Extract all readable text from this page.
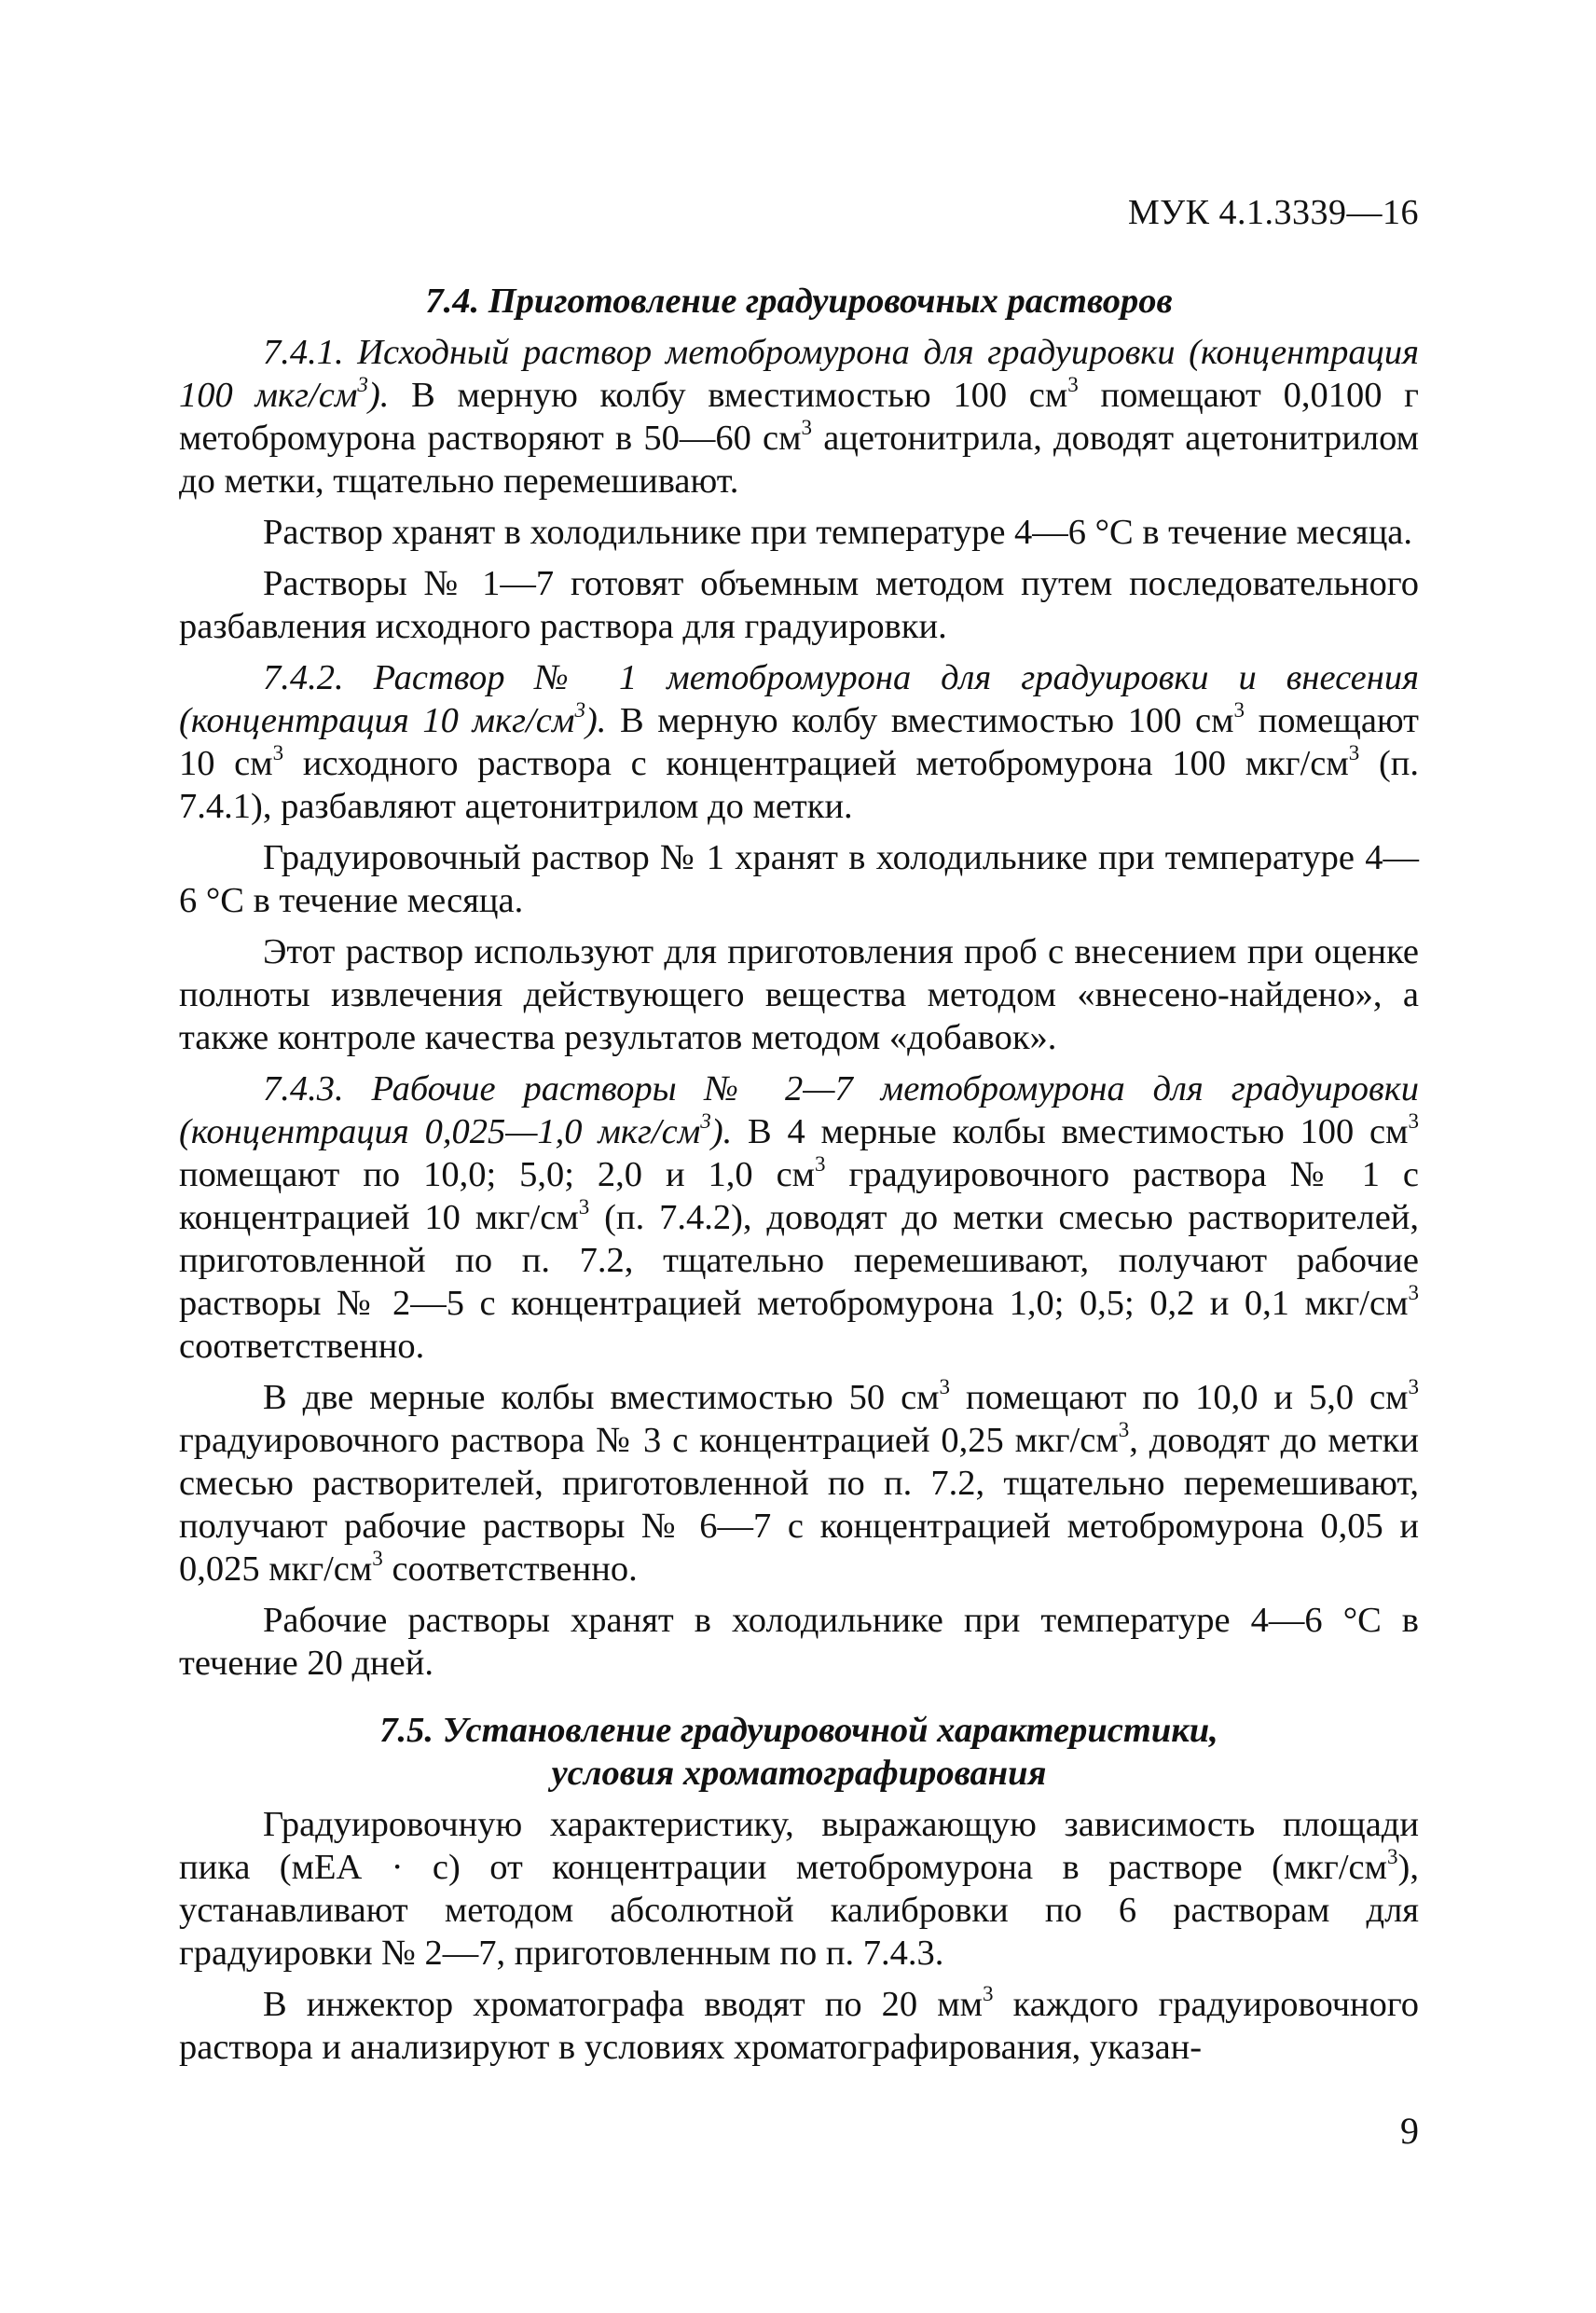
МУК 4.1.3339—16

7.4. Приготовление градуировочных растворов

7.4.1. Исходный раствор метобромурона для градуировки (концентрация 100 мкг/$см^3$). В мерную колбу вместимостью 100 $см^3$ помещают 0,0100 г метобромурона растворяют в 50—60 $см^3$ ацетонитрила, доводят ацетонитрилом до метки, тщательно перемешивают.

Раствор хранят в холодильнике при температуре 4—6 °C в течение месяца.

Растворы № 1—7 готовят объемным методом путем последовательного разбавления исходного раствора для градуировки.

7.4.2. Раствор № 1 метобромурона для градуировки и внесения (концентрация 10 мкг/$см^3$). В мерную колбу вместимостью 100 $см^3$ помещают 10 $см^3$ исходного раствора с концентрацией метобромурона 100 мкг/$см^3$ (п. 7.4.1), разбавляют ацетонитрилом до метки.

Градуировочный раствор № 1 хранят в холодильнике при температуре 4—6 °C в течение месяца.

Этот раствор используют для приготовления проб с внесением при оценке полноты извлечения действующего вещества методом «внесено-найдено», а также контроле качества результатов методом «добавок».

7.4.3. Рабочие растворы № 2—7 метобромурона для градуировки (концентрация 0,025—1,0 мкг/$см^3$). В 4 мерные колбы вместимостью 100 $см^3$ помещают по 10,0; 5,0; 2,0 и 1,0 $см^3$ градуировочного раствора № 1 с концентрацией 10 мкг/$см^3$ (п. 7.4.2), доводят до метки смесью растворителей, приготовленной по п. 7.2, тщательно перемешивают, получают рабочие растворы № 2—5 с концентрацией метобромурона 1,0; 0,5; 0,2 и 0,1 мкг/$см^3$ соответственно.

В две мерные колбы вместимостью 50 $см^3$ помещают по 10,0 и 5,0 $см^3$ градуировочного раствора № 3 с концентрацией 0,25 мкг/$см^3$, доводят до метки смесью растворителей, приготовленной по п. 7.2, тщательно перемешивают, получают рабочие растворы № 6—7 с концентрацией метобромурона 0,05 и 0,025 мкг/$см^3$ соответственно.

Рабочие растворы хранят в холодильнике при температуре 4—6 °C в течение 20 дней.

7.5. Установление градуировочной характеристики,
условия хроматографирования

Градуировочную характеристику, выражающую зависимость площади пика (мЕА · с) от концентрации метобромурона в растворе $(мкг/см^3)$, устанавливают методом абсолютной калибровки по 6 растворам для градуировки № 2—7, приготовленным по п. 7.4.3.

В инжектор хроматографа вводят по 20 $мм^3$ каждого градуировочного раствора и анализируют в условиях хроматографирования, указан-

9
